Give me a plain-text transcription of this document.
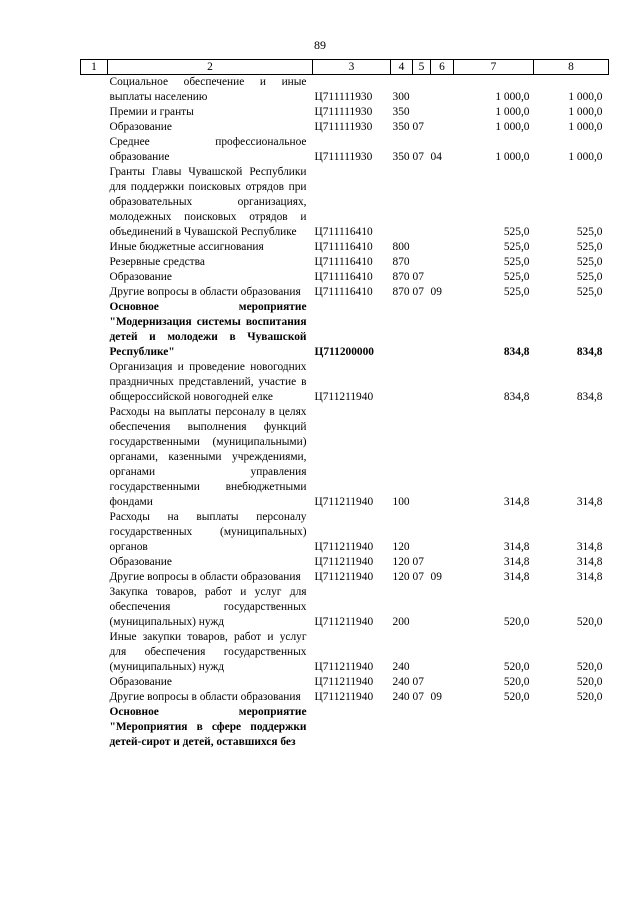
89
1	2	3	4	5	6	7	8
	Социальное обеспечение и иные выплаты населению	Ц711111930	300			1 000,0	1 000,0
	Премии и гранты	Ц711111930	350			1 000,0	1 000,0
	Образование	Ц711111930	350	07		1 000,0	1 000,0
	Среднее профессиональное образование	Ц711111930	350	07	04	1 000,0	1 000,0
	Гранты Главы Чувашской Республики для поддержки поисковых отрядов при образовательных организациях, молодежных поисковых отрядов и объединений в Чувашской Республике	Ц711116410				525,0	525,0
	Иные бюджетные ассигнования	Ц711116410	800			525,0	525,0
	Резервные средства	Ц711116410	870			525,0	525,0
	Образование	Ц711116410	870	07		525,0	525,0
	Другие вопросы в области образования	Ц711116410	870	07	09	525,0	525,0
	Основное мероприятие "Модернизация системы воспитания детей и молодежи в Чувашской Республике"	Ц711200000				834,8	834,8
	Организация и проведение новогодних праздничных представлений, участие в общероссийской новогодней елке	Ц711211940				834,8	834,8
	Расходы на выплаты персоналу в целях обеспечения выполнения функций государственными (муниципальными) органами, казенными учреждениями, органами управления государственными внебюджетными фондами	Ц711211940	100			314,8	314,8
	Расходы на выплаты персоналу государственных (муниципальных) органов	Ц711211940	120			314,8	314,8
	Образование	Ц711211940	120	07		314,8	314,8
	Другие вопросы в области образования	Ц711211940	120	07	09	314,8	314,8
	Закупка товаров, работ и услуг для обеспечения государственных (муниципальных) нужд	Ц711211940	200			520,0	520,0
	Иные закупки товаров, работ и услуг для обеспечения государственных (муниципальных) нужд	Ц711211940	240			520,0	520,0
	Образование	Ц711211940	240	07		520,0	520,0
	Другие вопросы в области образования	Ц711211940	240	07	09	520,0	520,0
	Основное мероприятие "Мероприятия в сфере поддержки детей-сирот и детей, оставшихся без						
